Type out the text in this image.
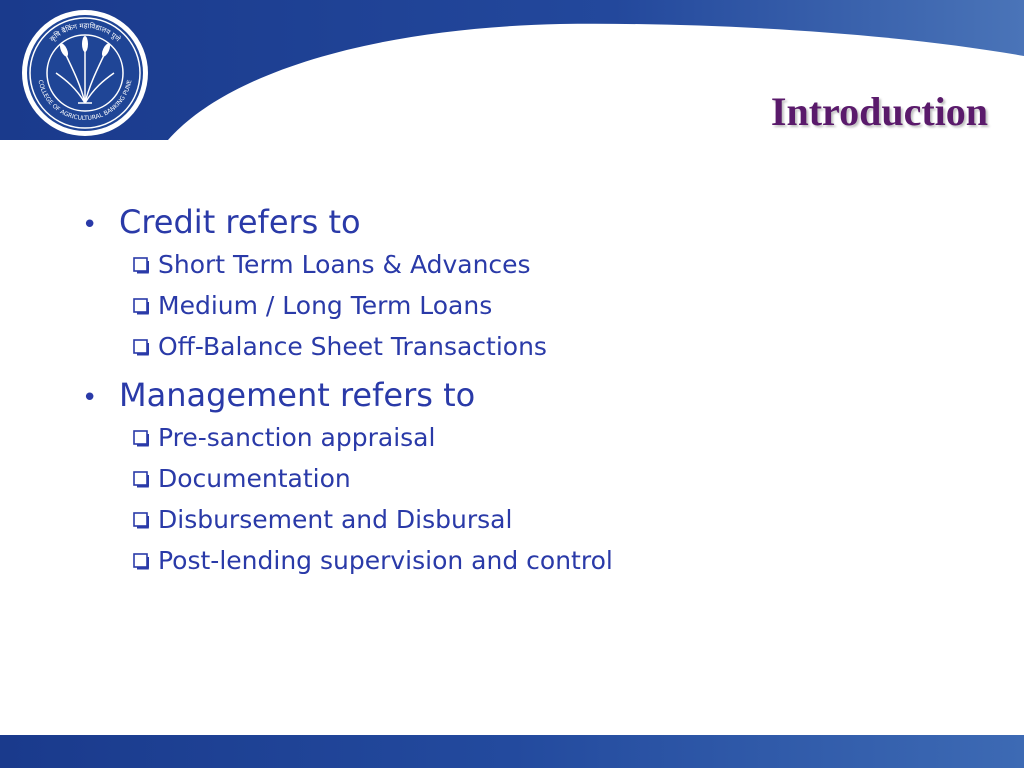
कृषि बैंकिंग महाविद्यालय पुणे
COLLEGE OF AGRICULTURAL BANKING PUNE
Introduction
• Credit refers to
Short Term Loans & Advances
Medium / Long Term Loans
Off-Balance Sheet Transactions
• Management refers to
Pre-sanction appraisal
Documentation
Disbursement and Disbursal
Post-lending supervision and control
